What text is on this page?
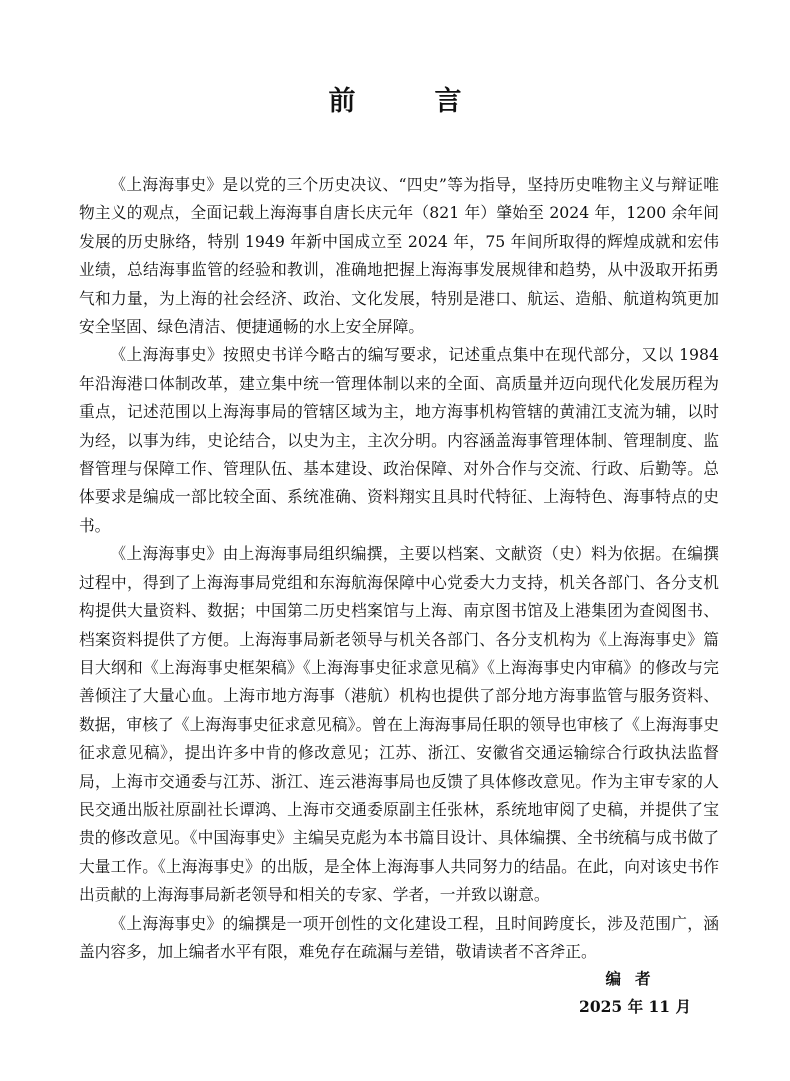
前　言

《上海海事史》是以党的三个历史决议、“四史”等为指导，坚持历史唯物主义与辩证唯物主义的观点，全面记载上海海事自唐长庆元年（821 年）肇始至 2024 年，1200 余年间发展的历史脉络，特别 1949 年新中国成立至 2024 年，75 年间所取得的辉煌成就和宏伟业绩，总结海事监管的经验和教训，准确地把握上海海事发展规律和趋势，从中汲取开拓勇气和力量，为上海的社会经济、政治、文化发展，特别是港口、航运、造船、航道构筑更加安全坚固、绿色清洁、便捷通畅的水上安全屏障。

《上海海事史》按照史书详今略古的编写要求，记述重点集中在现代部分，又以 1984 年沿海港口体制改革，建立集中统一管理体制以来的全面、高质量并迈向现代化发展历程为重点，记述范围以上海海事局的管辖区域为主，地方海事机构管辖的黄浦江支流为辅，以时为经，以事为纬，史论结合，以史为主，主次分明。内容涵盖海事管理体制、管理制度、监督管理与保障工作、管理队伍、基本建设、政治保障、对外合作与交流、行政、后勤等。总体要求是编成一部比较全面、系统准确、资料翔实且具时代特征、上海特色、海事特点的史书。

《上海海事史》由上海海事局组织编撰，主要以档案、文献资（史）料为依据。在编撰过程中，得到了上海海事局党组和东海航海保障中心党委大力支持，机关各部门、各分支机构提供大量资料、数据；中国第二历史档案馆与上海、南京图书馆及上港集团为查阅图书、档案资料提供了方便。上海海事局新老领导与机关各部门、各分支机构为《上海海事史》篇目大纲和《上海海事史框架稿》《上海海事史征求意见稿》《上海海事史内审稿》的修改与完善倾注了大量心血。上海市地方海事（港航）机构也提供了部分地方海事监管与服务资料、数据，审核了《上海海事史征求意见稿》。曾在上海海事局任职的领导也审核了《上海海事史征求意见稿》，提出许多中肯的修改意见；江苏、浙江、安徽省交通运输综合行政执法监督局，上海市交通委与江苏、浙江、连云港海事局也反馈了具体修改意见。作为主审专家的人民交通出版社原副社长谭鸿、上海市交通委原副主任张林，系统地审阅了史稿，并提供了宝贵的修改意见。《中国海事史》主编吴克彪为本书篇目设计、具体编撰、全书统稿与成书做了大量工作。《上海海事史》的出版，是全体上海海事人共同努力的结晶。在此，向对该史书作出贡献的上海海事局新老领导和相关的专家、学者，一并致以谢意。

《上海海事史》的编撰是一项开创性的文化建设工程，且时间跨度长，涉及范围广，涵盖内容多，加上编者水平有限，难免存在疏漏与差错，敬请读者不吝斧正。

编者
2025 年 11 月
